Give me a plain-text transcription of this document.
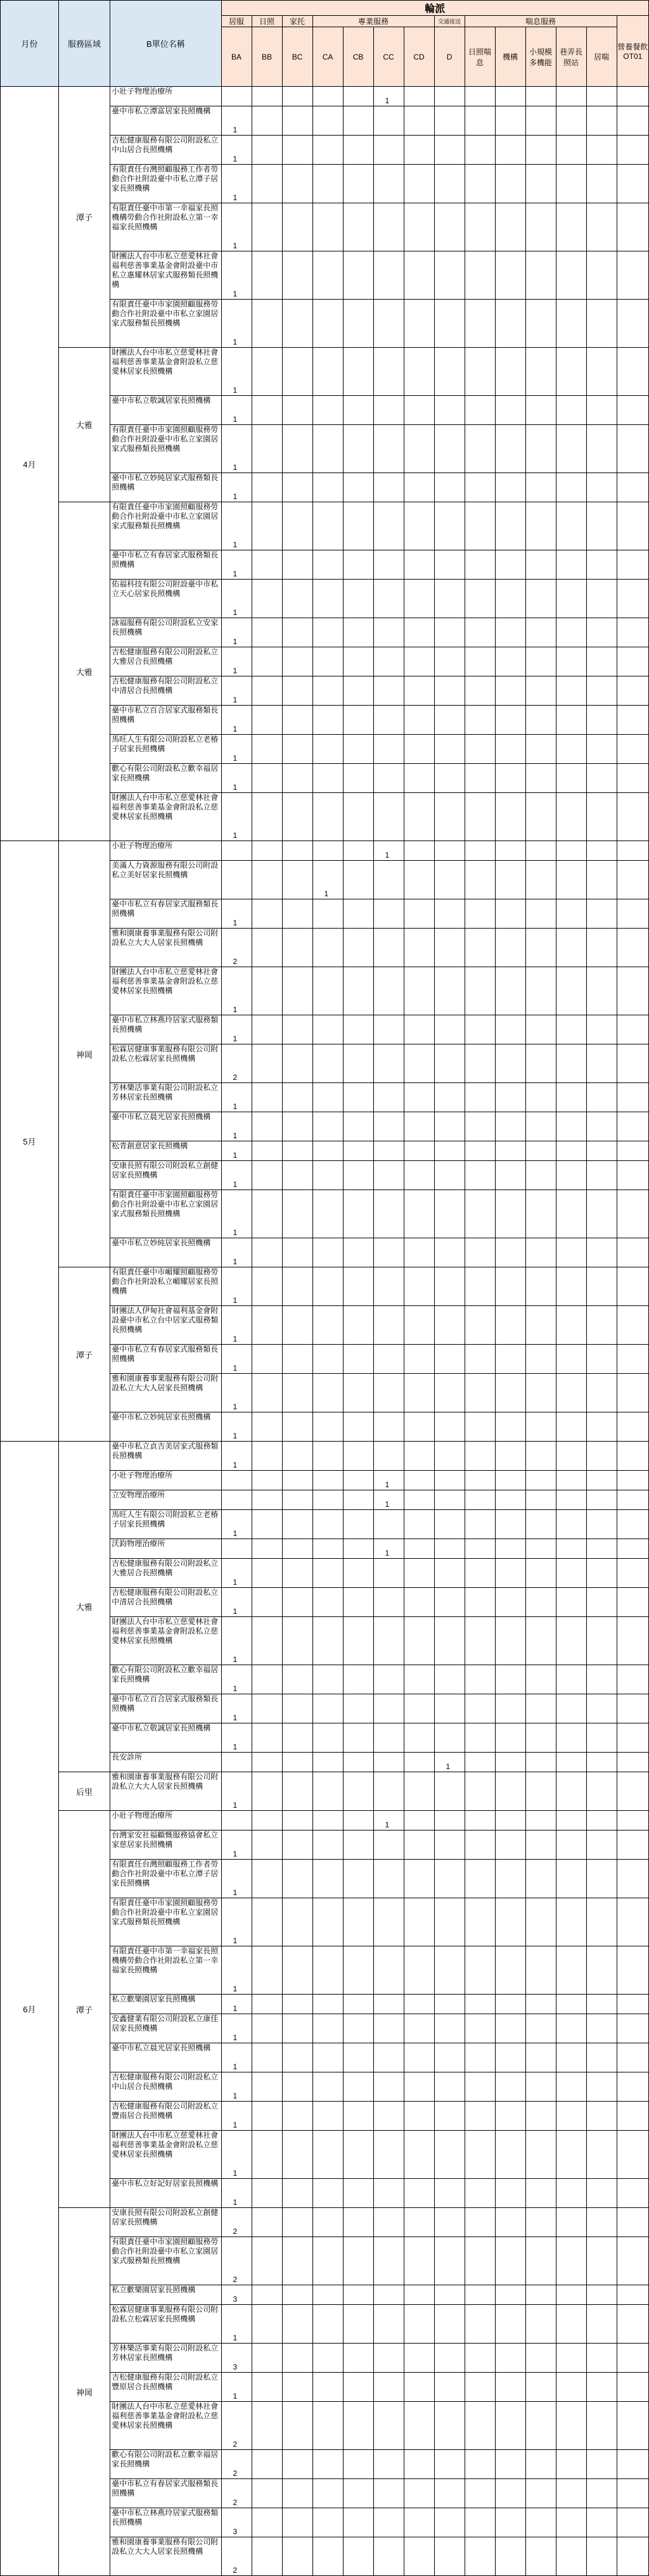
月份	服務區域	B單位名稱	輪派													
			居服	日照	家托	專業服務				交通接送	喘息服務					營養餐飲OT01
			BA	BB	BC	CA	CB	CC	CD	D	日照喘息	機構	小規模多機能	巷弄長照站	居喘	
4月	潭子	小壯子物理治療所						1								
		臺中市私立潭富居家長照機構	1													
		吉松健康服務有限公司附設私立中山居合長照機構	1													
		有限責任台灣照顧服務工作者勞動合作社附設臺中市私立潭子居家長照機構	1													
		有限責任臺中市第一幸福家長照機構勞動合作社附設私立第一幸福家長照機構	1													
		財團法人台中市私立慈愛林社會福利慈善事業基金會附設臺中市私立惠耀林居家式服務類長照機構	1													
		有限責任臺中市家園照顧服務勞動合作社附設臺中市私立家園居家式服務類長照機構	1													
	大雅	財團法人台中市私立慈愛林社會福利慈善事業基金會附設私立慈愛林居家長照機構	1													
		臺中市私立敬誠居家長照機構	1													
		有限責任臺中市家園照顧服務勞動合作社附設臺中市私立家園居家式服務類長照機構	1													
		臺中市私立妙純居家式服務類長照機構	1													
	大雅	有限責任臺中市家園照顧服務勞動合作社附設臺中市私立家園居家式服務類長照機構	1													
		臺中市私立有春居家式服務類長照機構	1													
		佑福科技有限公司附設臺中市私立天心居家長照機構	1													
		詠福服務有限公司附設私立安家長照機構	1													
		吉松健康服務有限公司附設私立大雅居合長照機構	1													
		吉松健康服務有限公司附設私立中清居合長照機構	1													
		臺中市私立百合居家式服務類長照機構	1													
		馬旺人生有限公司附設私立老椿子居家長照機構	1													
		歡心有限公司附設私立歡幸福居家長照機構	1													
		財團法人台中市私立慈愛林社會福利慈善事業基金會附設私立慈愛林居家長照機構	1													
5月	神岡	小壯子物理治療所						1								
		美滿人力資源服務有限公司附設私立美好居家長照機構				1										
		臺中市私立有春居家式服務類長照機構	1													
		雅和園康養事業服務有限公司附設私立大大人居家長照機構	2													
		財團法人台中市私立慈愛林社會福利慈善事業基金會附設私立慈愛林居家長照機構	1													
		臺中市私立林燕玲居家式服務類長照機構	1													
		松霖居健康事業服務有限公司附設私立松霖居家長照機構	2													
		芳林樂活事業有限公司附設私立芳林居家長照機構	1													
		臺中市私立晨光居家長照機構	1													
		松青創意居家長照機構	1													
		安康長照有限公司附設私立創健居家長照機構	1													
		有限責任臺中市家園照顧服務勞動合作社附設臺中市私立家園居家式服務類長照機構	1													
		臺中市私立妙純居家長照機構	1													
	潭子	有限責任臺中市嵋耀照顧服務勞動合作社附設私立嵋耀居家長照機構	1													
		財團法人伊甸社會福利基金會附設臺中市私立台中居家式服務類長照機構	1													
		臺中市私立有春居家式服務類長照機構	1													
		雅和園康養事業服務有限公司附設私立大大人居家長照機構	1													
		臺中市私立妙純居家長照機構	1													
6月	大雅	臺中市私立貞吉美居家式服務類長照機構	1													
		小壯子物理治療所						1								
		立安物理治療所						1								
		馬旺人生有限公司附設私立老椿子居家長照機構	1													
		沃鈞物理治療所						1								
		吉松健康服務有限公司附設私立大雅居合長照機構	1													
		吉松健康服務有限公司附設私立中清居合長照機構	1													
		財團法人台中市私立慈愛林社會福利慈善事業基金會附設私立慈愛林居家長照機構	1													
		歡心有限公司附設私立歡幸福居家長照機構	1													
		臺中市私立百合居家式服務類長照機構	1													
		臺中市私立敬誠居家長照機構	1													
		長安診所								1						
	后里	雅和園康養事業服務有限公司附設私立大大人居家長照機構	1													
	潭子	小壯子物理治療所						1								
		台灣家安社福顧慨服務協會私立家慈居家長照機構	1													
		有限責任台灣照顧服務工作者勞動合作社附設臺中市私立潭子居家長照機構	1													
		有限責任臺中市家園照顧服務勞動合作社附設臺中市私立家園居家式服務類長照機構	1													
		有限責任臺中市第一幸福家長照機構勞動合作社附設私立第一幸福家長照機構	1													
		私立歡樂園居家長照機構	1													
		安鑫健業有限公司附設私立康佳居家長照機構	1													
		臺中市私立晨光居家長照機構	1													
		吉松健康服務有限公司附設私立中山居合長照機構	1													
		吉松健康服務有限公司附設私立豐南居合長照機構	1													
		財團法人台中市私立慈愛林社會福利慈善事業基金會附設私立慈愛林居家長照機構	1													
		臺中市私立好記好居家長照機構	1													
	神岡	安康長照有限公司附設私立創健居家長照機構	2													
		有限責任臺中市家園照顧服務勞動合作社附設臺中市私立家園居家式服務類長照機構	2													
		私立歡樂園居家長照機構	3													
		松霖居健康事業服務有限公司附設私立松霖居家長照機構	1													
		芳林樂活事業有限公司附設私立芳林居家長照機構	3													
		吉松健康服務有限公司附設私立豐原居合長照機構	1													
		財團法人台中市私立慈愛林社會福利慈善事業基金會附設私立慈愛林居家長照機構	2													
		歡心有限公司附設私立歡幸福居家長照機構	2													
		臺中市私立有春居家式服務類長照機構	2													
		臺中市私立林燕玲居家式服務類長照機構	3													
		雅和園康養事業服務有限公司附設私立大大人居家長照機構	2													
